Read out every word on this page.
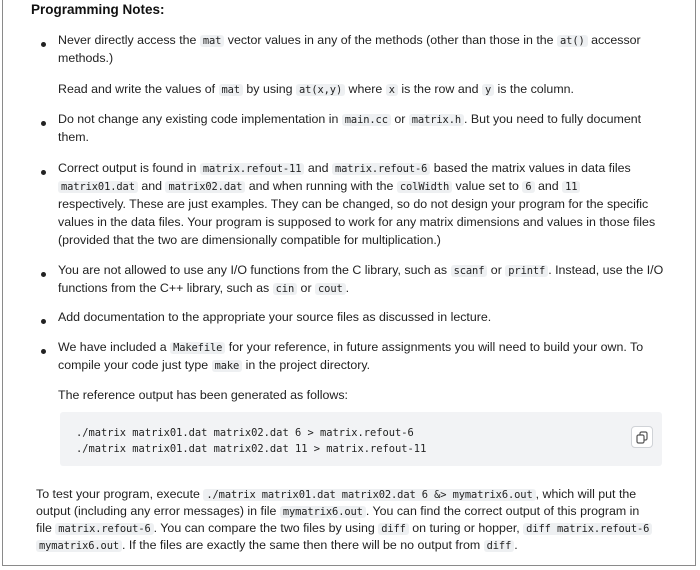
Programming Notes:
Never directly access the mat vector values in any of the methods (other than those in the at() accessor
methods.)
Read and write the values of mat by using at(x,y) where x is the row and y is the column.
Do not change any existing code implementation in main.cc or matrix.h . But you need to fully document
them.
Correct output is found in matrix.refout-11 and matrix.refout-6 based the matrix values in data files
matrix01.dat and matrix02.dat and when running with the colWidth value set to 6 and 11
respectively. These are just examples. They can be changed, so do not design your program for the specific
values in the data files. Your program is supposed to work for any matrix dimensions and values in those files
(provided that the two are dimensionally compatible for multiplication.)
You are not allowed to use any I/O functions from the C library, such as scanf or printf . Instead, use the I/O
functions from the C++ library, such as cin or cout .
Add documentation to the appropriate your source files as discussed in lecture.
We have included a Makefile for your reference, in future assignments you will need to build your own. To
compile your code just type make in the project directory.
The reference output has been generated as follows:
./matrix matrix01.dat matrix02.dat 6 > matrix.refout-6
./matrix matrix01.dat matrix02.dat 11 > matrix.refout-11
To test your program, execute ./matrix matrix01.dat matrix02.dat 6 &> mymatrix6.out , which will put the
output (including any error messages) in file mymatrix6.out . You can find the correct output of this program in
file matrix.refout-6 . You can compare the two files by using diff on turing or hopper, diff matrix.refout-6
mymatrix6.out . If the files are exactly the same then there will be no output from diff .
